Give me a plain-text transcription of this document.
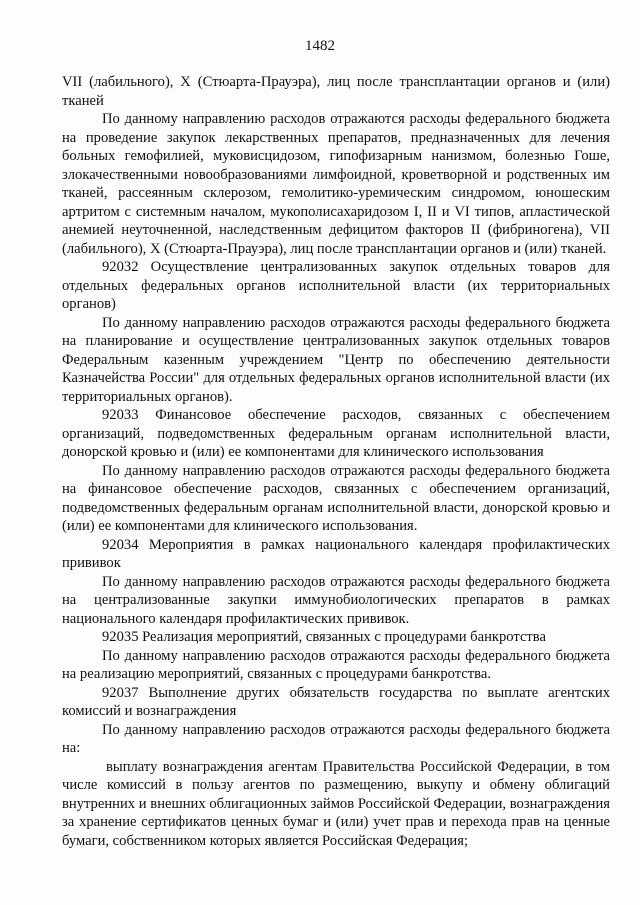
1482

VII (лабильного), X (Стюарта-Прауэра), лиц после трансплантации органов и (или) тканей

По данному направлению расходов отражаются расходы федерального бюджета на проведение закупок лекарственных препаратов, предназначенных для лечения больных гемофилией, муковисцидозом, гипофизарным нанизмом, болезнью Гоше, злокачественными новообразованиями лимфоидной, кроветворной и родственных им тканей, рассеянным склерозом, гемолитико-уремическим синдромом, юношеским артритом с системным началом, мукополисахаридозом I, II и VI типов, апластической анемией неуточненной, наследственным дефицитом факторов II (фибриногена), VII (лабильного), X (Стюарта-Прауэра), лиц после трансплантации органов и (или) тканей.

92032 Осуществление централизованных закупок отдельных товаров для отдельных федеральных органов исполнительной власти (их территориальных органов)

По данному направлению расходов отражаются расходы федерального бюджета на планирование и осуществление централизованных закупок отдельных товаров Федеральным казенным учреждением "Центр по обеспечению деятельности Казначейства России" для отдельных федеральных органов исполнительной власти (их территориальных органов).

92033 Финансовое обеспечение расходов, связанных с обеспечением организаций, подведомственных федеральным органам исполнительной власти, донорской кровью и (или) ее компонентами для клинического использования

По данному направлению расходов отражаются расходы федерального бюджета на финансовое обеспечение расходов, связанных с обеспечением организаций, подведомственных федеральным органам исполнительной власти, донорской кровью и (или) ее компонентами для клинического использования.

92034 Мероприятия в рамках национального календаря профилактических прививок

По данному направлению расходов отражаются расходы федерального бюджета на централизованные закупки иммунобиологических препаратов в рамках национального календаря профилактических прививок.

92035 Реализация мероприятий, связанных с процедурами банкротства

По данному направлению расходов отражаются расходы федерального бюджета на реализацию мероприятий, связанных с процедурами банкротства.

92037 Выполнение других обязательств государства по выплате агентских комиссий и вознаграждения

По данному направлению расходов отражаются расходы федерального бюджета на:

выплату вознаграждения агентам Правительства Российской Федерации, в том числе комиссий в пользу агентов по размещению, выкупу и обмену облигаций внутренних и внешних облигационных займов Российской Федерации, вознаграждения за хранение сертификатов ценных бумаг и (или) учет прав и перехода прав на ценные бумаги, собственником которых является Российская Федерация;
